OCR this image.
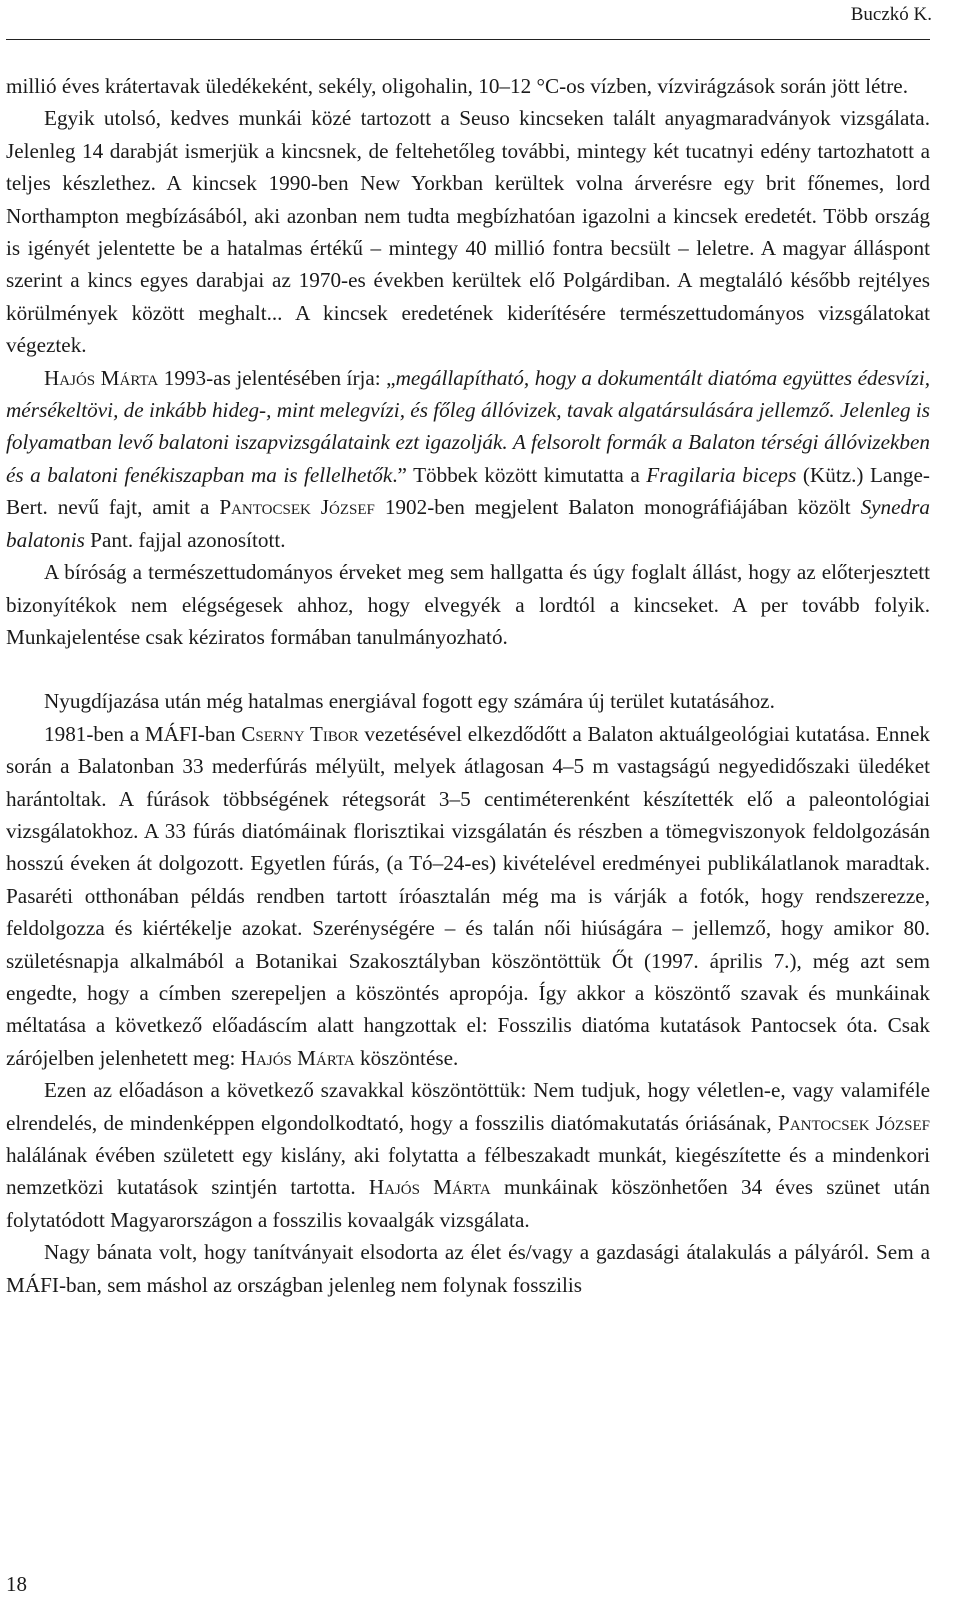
Buczkó K.

millió éves krátertavak üledékeként, sekély, oligohalin, 10–12 °C-os vízben, vízvirágzások során jött létre.

Egyik utolsó, kedves munkái közé tartozott a Seuso kincseken talált anyagmaradványok vizsgálata. Jelenleg 14 darabját ismerjük a kincsnek, de feltehetőleg további, mintegy két tucatnyi edény tartozhatott a teljes készlethez. A kincsek 1990-ben New Yorkban kerültek volna árverésre egy brit főnemes, lord Northampton megbízásából, aki azonban nem tudta megbízhatóan igazolni a kincsek eredetét. Több ország is igényét jelentette be a hatalmas értékű – mintegy 40 millió fontra becsült – leletre. A magyar álláspont szerint a kincs egyes darabjai az 1970-es években kerültek elő Polgárdiban. A megtaláló később rejtélyes körülmények között meghalt... A kincsek eredetének kiderítésére természettudományos vizsgálatokat végeztek.

Hajós Márta 1993-as jelentésében írja: „megállapítható, hogy a dokumentált diatóma együttes édesvízi, mérsékeltövi, de inkább hideg-, mint melegvízi, és főleg állóvizek, tavak algatársulására jellemző. Jelenleg is folyamatban levő balatoni iszapvizsgálataink ezt igazolják. A felsorolt formák a Balaton térségi állóvizekben és a balatoni fenékiszapban ma is fellelhetők.” Többek között kimutatta a Fragilaria biceps (Kütz.) Lange-Bert. nevű fajt, amit a Pantocsek József 1902-ben megjelent Balaton monográfiájában közölt Synedra balatonis Pant. fajjal azonosított.

A bíróság a természettudományos érveket meg sem hallgatta és úgy foglalt állást, hogy az előterjesztett bizonyítékok nem elégségesek ahhoz, hogy elvegyék a lordtól a kincseket. A per tovább folyik. Munkajelentése csak kéziratos formában tanulmányozható.

Nyugdíjazása után még hatalmas energiával fogott egy számára új terület kutatásához.

1981-ben a MÁFI-ban Cserny Tibor vezetésével elkezdődőtt a Balaton aktuálgeológiai kutatása. Ennek során a Balatonban 33 mederfúrás mélyült, melyek átlagosan 4–5 m vastagságú negyedidőszaki üledéket harántoltak. A fúrások többségének rétegsorát 3–5 centiméterenként készítették elő a paleontológiai vizsgálatokhoz. A 33 fúrás diatómáinak florisztikai vizsgálatán és részben a tömegviszonyok feldolgozásán hosszú éveken át dolgozott. Egyetlen fúrás, (a Tó–24-es) kivételével eredményei publikálatlanok maradtak. Pasaréti otthonában példás rendben tartott íróasztalán még ma is várják a fotók, hogy rendszerezze, feldolgozza és kiértékelje azokat. Szerénységére – és talán női hiúságára – jellemző, hogy amikor 80. születésnapja alkalmából a Botanikai Szakosztályban köszöntöttük Őt (1997. április 7.), még azt sem engedte, hogy a címben szerepeljen a köszöntés apropója. Így akkor a köszöntő szavak és munkáinak méltatása a következő előadáscím alatt hangzottak el: Fosszilis diatóma kutatások Pantocsek óta. Csak zárójelben jelenhetett meg: Hajós Márta köszöntése.

Ezen az előadáson a következő szavakkal köszöntöttük: Nem tudjuk, hogy véletlen-e, vagy valamiféle elrendelés, de mindenképpen elgondolkodtató, hogy a fosszilis diatómakutatás óriásának, Pantocsek József halálának évében született egy kislány, aki folytatta a félbeszakadt munkát, kiegészítette és a mindenkori nemzetközi kutatások szintjén tartotta. Hajós Márta munkáinak köszönhetően 34 éves szünet után folytatódott Magyarországon a fosszilis kovaalgák vizsgálata.

Nagy bánata volt, hogy tanítványait elsodorta az élet és/vagy a gazdasági átalakulás a pályáról. Sem a MÁFI-ban, sem máshol az országban jelenleg nem folynak fosszilis

18
